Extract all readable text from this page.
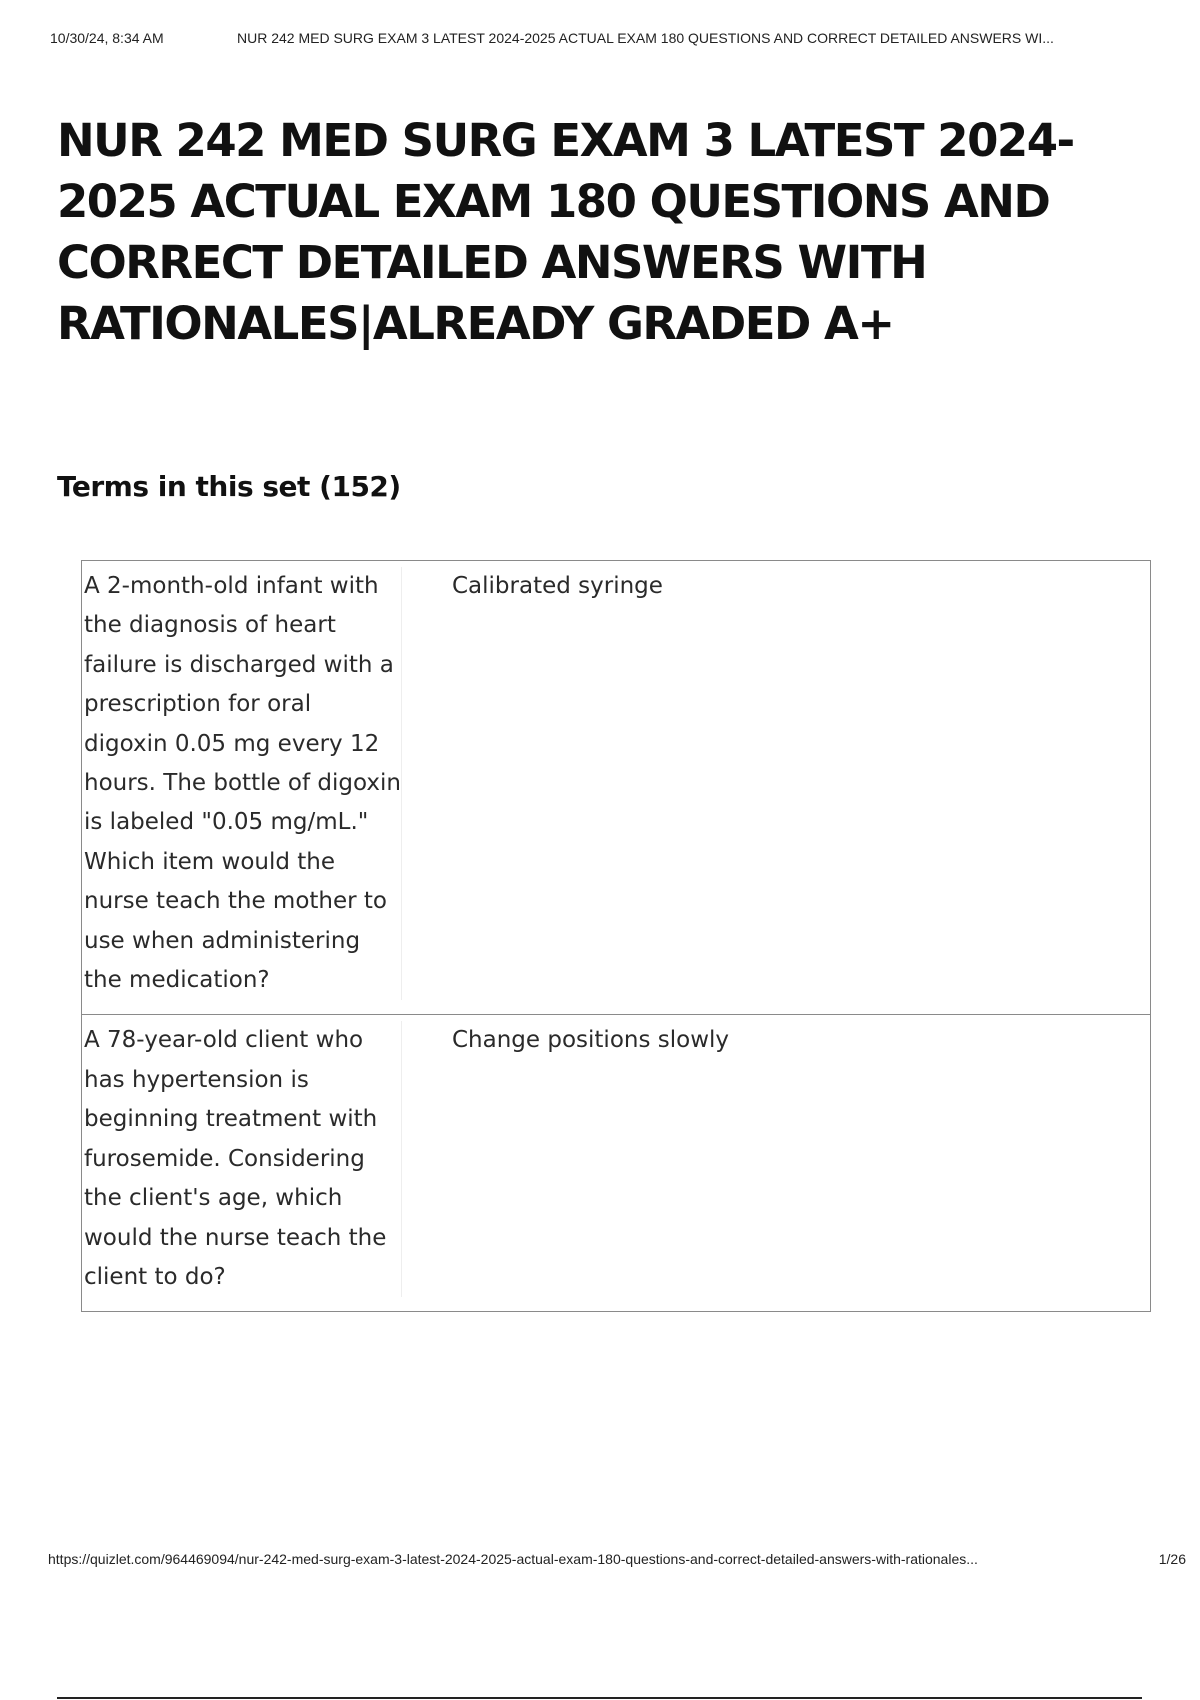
10/30/24, 8:34 AM	NUR 242 MED SURG EXAM 3 LATEST 2024-2025 ACTUAL EXAM 180 QUESTIONS AND CORRECT DETAILED ANSWERS WI...
NUR 242 MED SURG EXAM 3 LATEST 2024-2025 ACTUAL EXAM 180 QUESTIONS AND CORRECT DETAILED ANSWERS WITH RATIONALES|ALREADY GRADED A+
Terms in this set (152)
A 2-month-old infant with the diagnosis of heart failure is discharged with a prescription for oral digoxin 0.05 mg every 12 hours. The bottle of digoxin is labeled "0.05 mg/mL." Which item would the nurse teach the mother to use when administering the medication?
Calibrated syringe
A 78-year-old client who has hypertension is beginning treatment with furosemide. Considering the client's age, which would the nurse teach the client to do?
Change positions slowly
https://quizlet.com/964469094/nur-242-med-surg-exam-3-latest-2024-2025-actual-exam-180-questions-and-correct-detailed-answers-with-rationales...	1/26
